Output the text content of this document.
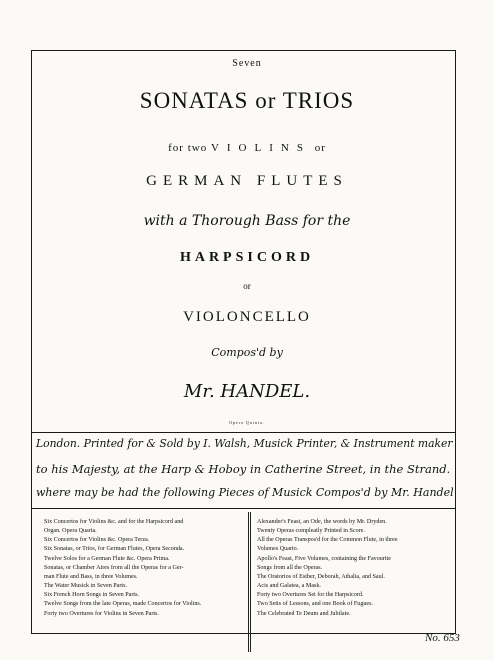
Seven
SONATAS or TRIOS
for two VIOLINS or
GERMAN FLUTES
with a Thorough Bass for the
HARPSICORD
or
VIOLONCELLO
Compos'd by
Mr. HANDEL.
Opera Quinta.
London. Printed for & Sold by I. Walsh, Musick Printer, & Instrument maker
to his Majesty, at the Harp & Hoboy in Catherine Street, in the Strand.
where may be had the following Pieces of Musick Compos'd by Mr. Handel
Six Concertos for Violins &c. and for the Harpsicord and
Organ. Opera Quarta.
Six Concertos for Violins &c. Opera Terza.
Six Sonatas, or Trios, for German Flutes, Opera Seconda.
Twelve Solos for a German Flute &c. Opera Prima.
Sonatas, or Chamber Aires from all the Operas for a Ger-
man Flute and Bass, in three Volumes.
The Water Musick in Seven Parts.
Six French Horn Songs in Seven Parts.
Twelve Songs from the late Operas, made Concertos for Violins.
Forty two Overtures for Violins in Seven Parts.
Alexander's Feast, an Ode, the words by Mr. Dryden.
Twenty Operas compleatly Printed in Score.
All the Operas Transpos'd for the Common Flute, in three
Volumes Quarto.
Apollo's Feast, Five Volumes, containing the Favourite
Songs from all the Operas.
The Oratorios of Esther, Deborah, Athalia, and Saul.
Acis and Galatea, a Mask.
Forty two Overtures Set for the Harpsicord.
Two Setts of Lessons, and one Book of Fugues.
The Celebrated Te Deum and Jubilate.
No. 653
